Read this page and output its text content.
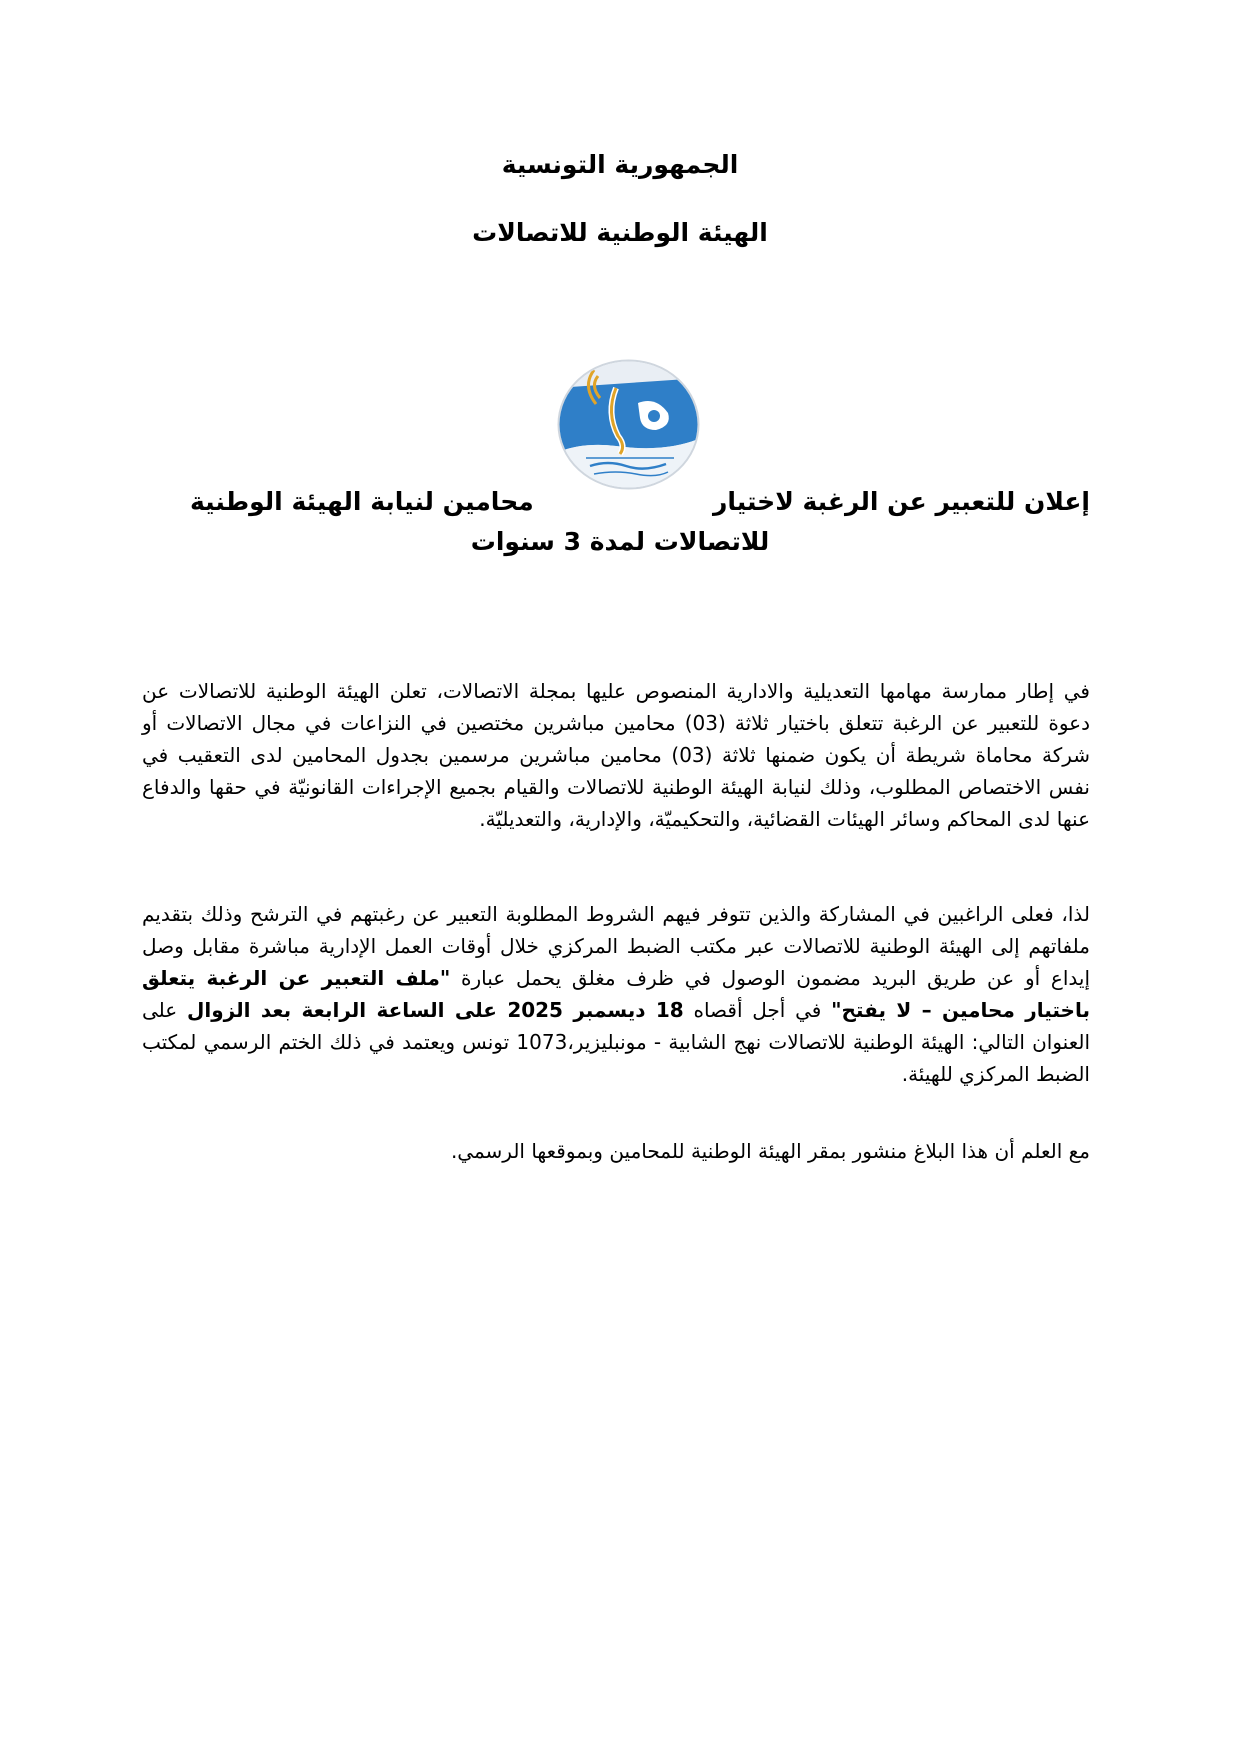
الجمهورية التونسية
الهيئة الوطنية للاتصالات
إعلان للتعبير عن الرغبة لاختيار
محامين لنيابة الهيئة الوطنية
للاتصالات لمدة 3 سنوات

في إطار ممارسة مهامها التعديلية والادارية المنصوص عليها بمجلة الاتصالات، تعلن الهيئة الوطنية للاتصالات عن دعوة للتعبير عن الرغبة تتعلق باختيار ثلاثة (03) محامين مباشرين مختصين في النزاعات في مجال الاتصالات أو شركة محاماة شريطة أن يكون ضمنها ثلاثة (03) محامين مباشرين مرسمين بجدول المحامين لدى التعقيب في نفس الاختصاص المطلوب، وذلك لنيابة الهيئة الوطنية للاتصالات والقيام بجميع الإجراءات القانونيّة في حقها والدفاع عنها لدى المحاكم وسائر الهيئات القضائية، والتحكيميّة، والإدارية، والتعديليّة.

لذا، فعلى الراغبين في المشاركة والذين تتوفر فيهم الشروط المطلوبة التعبير عن رغبتهم في الترشح وذلك بتقديم ملفاتهم إلى الهيئة الوطنية للاتصالات عبر مكتب الضبط المركزي خلال أوقات العمل الإدارية مباشرة مقابل وصل إيداع أو عن طريق البريد مضمون الوصول في ظرف مغلق يحمل عبارة "ملف التعبير عن الرغبة يتعلق باختيار محامين – لا يفتح" في أجل أقصاه 18 ديسمبر 2025 على الساعة الرابعة بعد الزوال على العنوان التالي: الهيئة الوطنية للاتصالات نهج الشابية - مونبليزير،1073 تونس ويعتمد في ذلك الختم الرسمي لمكتب الضبط المركزي للهيئة.

مع العلم أن هذا البلاغ منشور بمقر الهيئة الوطنية للمحامين وبموقعها الرسمي.
